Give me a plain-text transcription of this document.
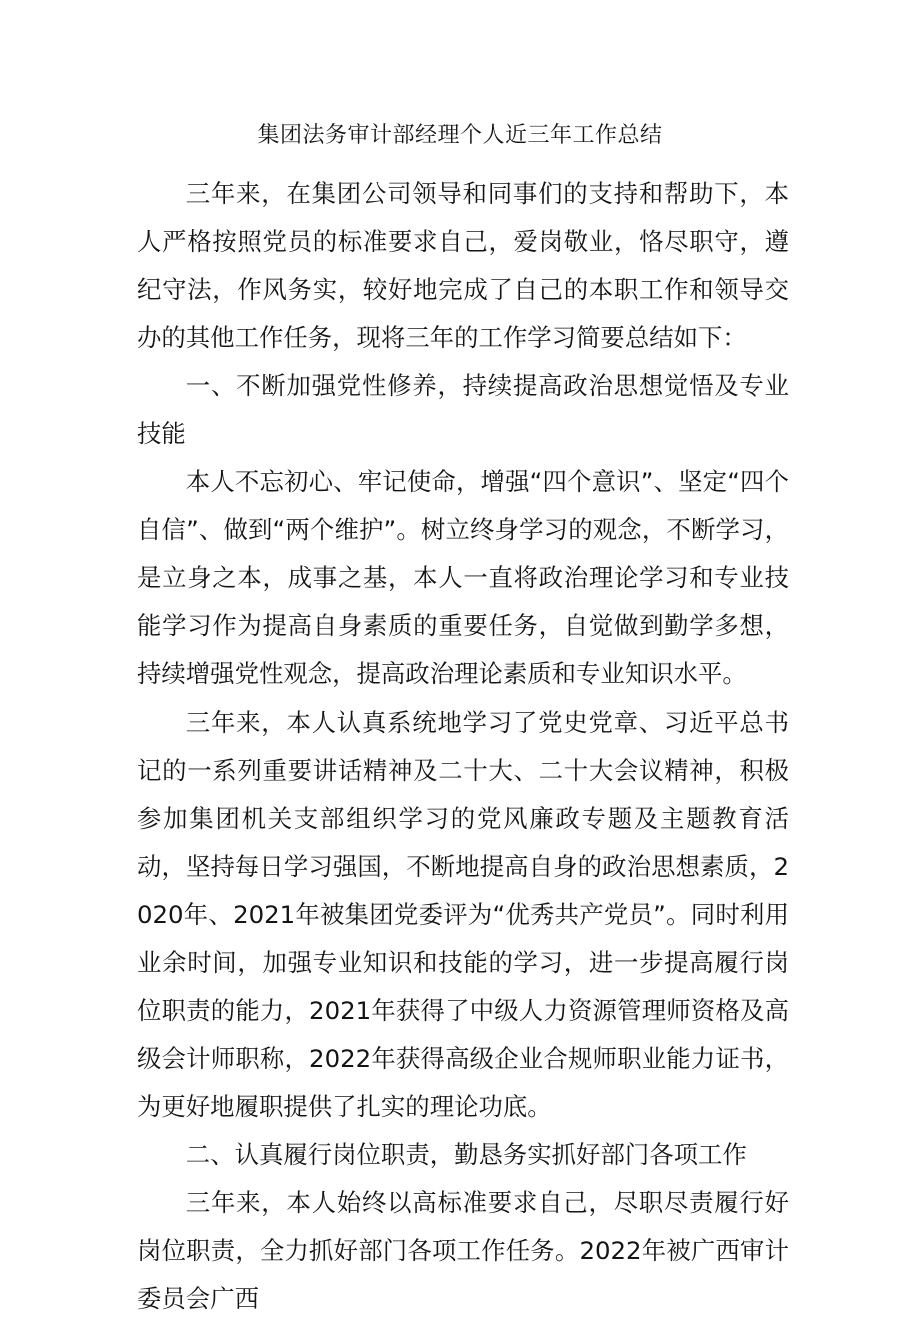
集团法务审计部经理个人近三年工作总结

三年来，在集团公司领导和同事们的支持和帮助下，本人严格按照党员的标准要求自己，爱岗敬业，恪尽职守，遵纪守法，作风务实，较好地完成了自己的本职工作和领导交办的其他工作任务，现将三年的工作学习简要总结如下：

一、不断加强党性修养，持续提高政治思想觉悟及专业技能

本人不忘初心、牢记使命，增强“四个意识”、坚定“四个自信”、做到“两个维护”。树立终身学习的观念，不断学习，是立身之本，成事之基，本人一直将政治理论学习和专业技能学习作为提高自身素质的重要任务，自觉做到勤学多想，持续增强党性观念，提高政治理论素质和专业知识水平。

三年来，本人认真系统地学习了党史党章、习近平总书记的一系列重要讲话精神及二十大、二十大会议精神，积极参加集团机关支部组织学习的党风廉政专题及主题教育活动，坚持每日学习强国，不断地提高自身的政治思想素质，2020年、2021年被集团党委评为“优秀共产党员”。同时利用业余时间，加强专业知识和技能的学习，进一步提高履行岗位职责的能力，2021年获得了中级人力资源管理师资格及高级会计师职称，2022年获得高级企业合规师职业能力证书，为更好地履职提供了扎实的理论功底。

二、认真履行岗位职责，勤恳务实抓好部门各项工作

三年来，本人始终以高标准要求自己，尽职尽责履行好岗位职责，全力抓好部门各项工作任务。2022年被广西审计委员会广西
